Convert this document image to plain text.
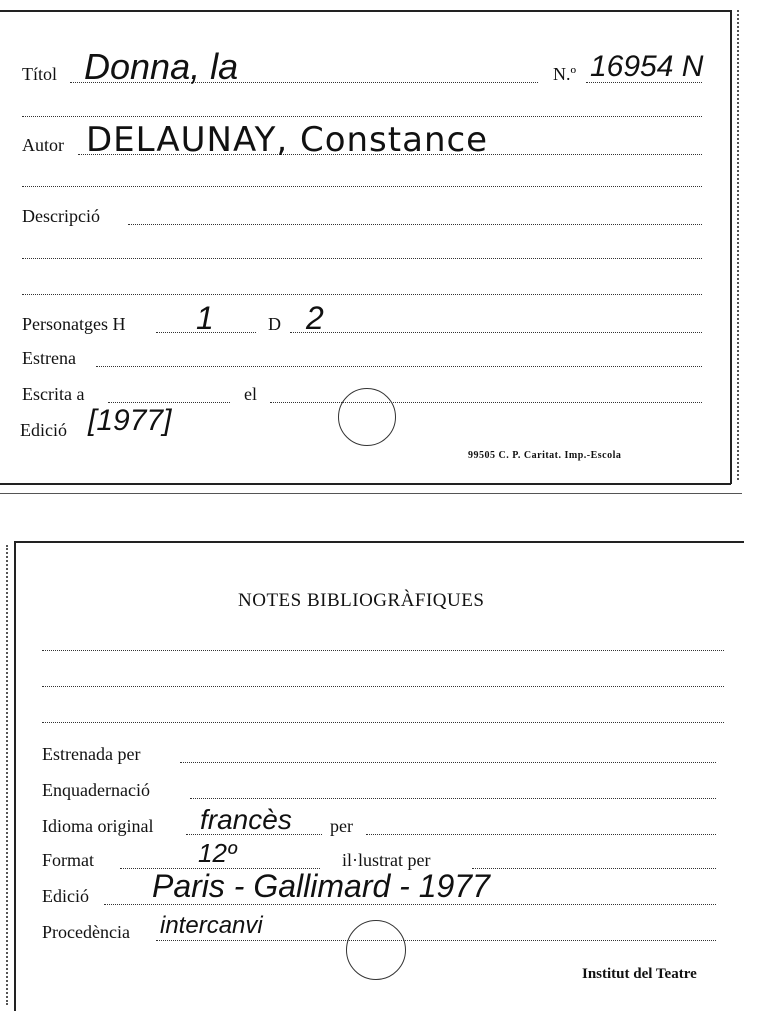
Títol Donna, la	N.º 16954 N
Autor DELAUNAY, Constance
Descripció
Personatges H 1	D 2
Estrena
Escrita a	el
Edició [1977]
99505 C. P. Caritat. Imp.-Escola
NOTES BIBLIOGRÀFIQUES
Estrenada per
Enquadernació
Idioma original francès per
Format	12º	il·lustrat per
Edició Paris - Gallimard - 1977
Procedència intercanvi
Institut del Teatre
